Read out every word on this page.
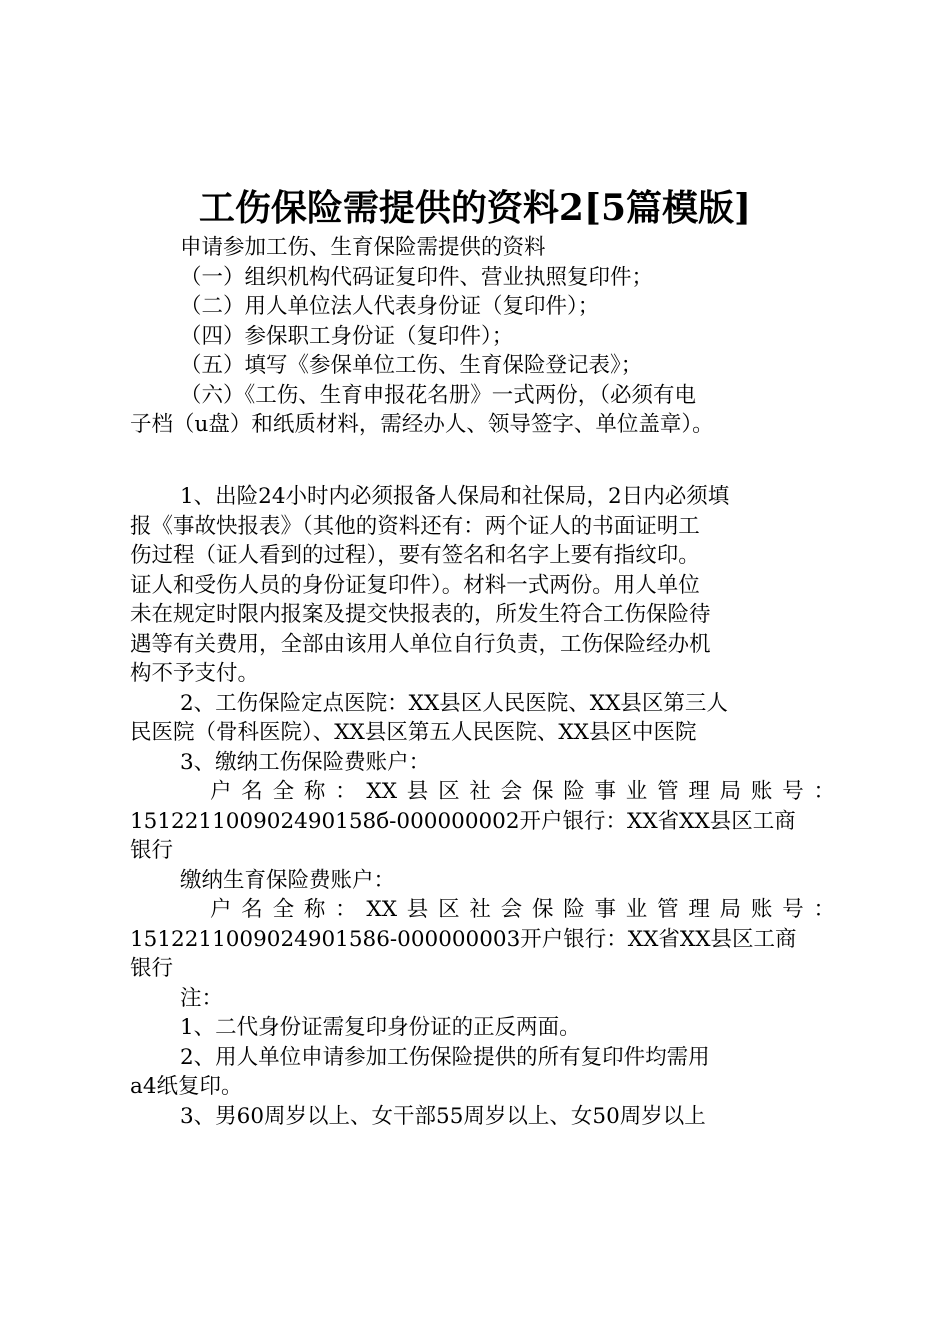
工伤保险需提供的资料2[5篇模版]

申请参加工伤、生育保险需提供的资料

（一）组织机构代码证复印件、营业执照复印件；

（二）用人单位法人代表身份证（复印件）；

（四）参保职工身份证（复印件）；

（五）填写《参保单位工伤、生育保险登记表》；

（六）《工伤、生育申报花名册》一式两份，（必须有电

子档（u盘）和纸质材料，需经办人、领导签字、单位盖章）。

1、出险24小时内必须报备人保局和社保局，2日内必须填

报《事故快报表》（其他的资料还有：两个证人的书面证明工

伤过程（证人看到的过程），要有签名和名字上要有指纹印。

证人和受伤人员的身份证复印件）。材料一式两份。用人单位

未在规定时限内报案及提交快报表的，所发生符合工伤保险待

遇等有关费用，全部由该用人单位自行负责，工伤保险经办机

构不予支付。

2、工伤保险定点医院：XX县区人民医院、XX县区第三人

民医院（骨科医院）、XX县区第五人民医院、XX县区中医院

3、缴纳工伤保险费账户：

户名全称：XX县区社会保险事业管理局账号：

151221100902490158б-000000002开户银行：XX省XX县区工商

银行

缴纳生育保险费账户：

户名全称：XX县区社会保险事业管理局账号：

1512211009024901586-000000003开户银行：XX省XX县区工商

银行

注：

1、二代身份证需复印身份证的正反两面。

2、用人单位申请参加工伤保险提供的所有复印件均需用

a4纸复印。

3、男60周岁以上、女干部55周岁以上、女50周岁以上
